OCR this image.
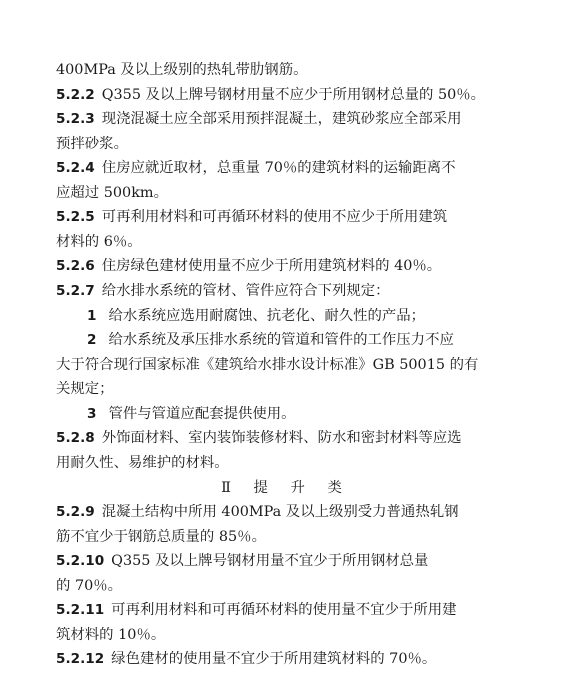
400MPa 及以上级别的热轧带肋钢筋。
5.2.2 Q355 及以上牌号钢材用量不应少于所用钢材总量的 50％。
5.2.3 现浇混凝土应全部采用预拌混凝土，建筑砂浆应全部采用
预拌砂浆。
5.2.4 住房应就近取材，总重量 70％的建筑材料的运输距离不
应超过 500km。
5.2.5 可再利用材料和可再循环材料的使用不应少于所用建筑
材料的 6％。
5.2.6 住房绿色建材使用量不应少于所用建筑材料的 40％。
5.2.7 给水排水系统的管材、管件应符合下列规定：
1 给水系统应选用耐腐蚀、抗老化、耐久性的产品；
2 给水系统及承压排水系统的管道和管件的工作压力不应
大于符合现行国家标准《建筑给水排水设计标准》GB 50015 的有
关规定；
3 管件与管道应配套提供使用。
5.2.8 外饰面材料、室内装饰装修材料、防水和密封材料等应选
用耐久性、易维护的材料。
Ⅱ 提 升 类
5.2.9 混凝土结构中所用 400MPa 及以上级别受力普通热轧钢
筋不宜少于钢筋总质量的 85％。
5.2.10 Q355 及以上牌号钢材用量不宜少于所用钢材总量
的 70％。
5.2.11 可再利用材料和可再循环材料的使用量不宜少于所用建
筑材料的 10％。
5.2.12 绿色建材的使用量不宜少于所用建筑材料的 70％。
